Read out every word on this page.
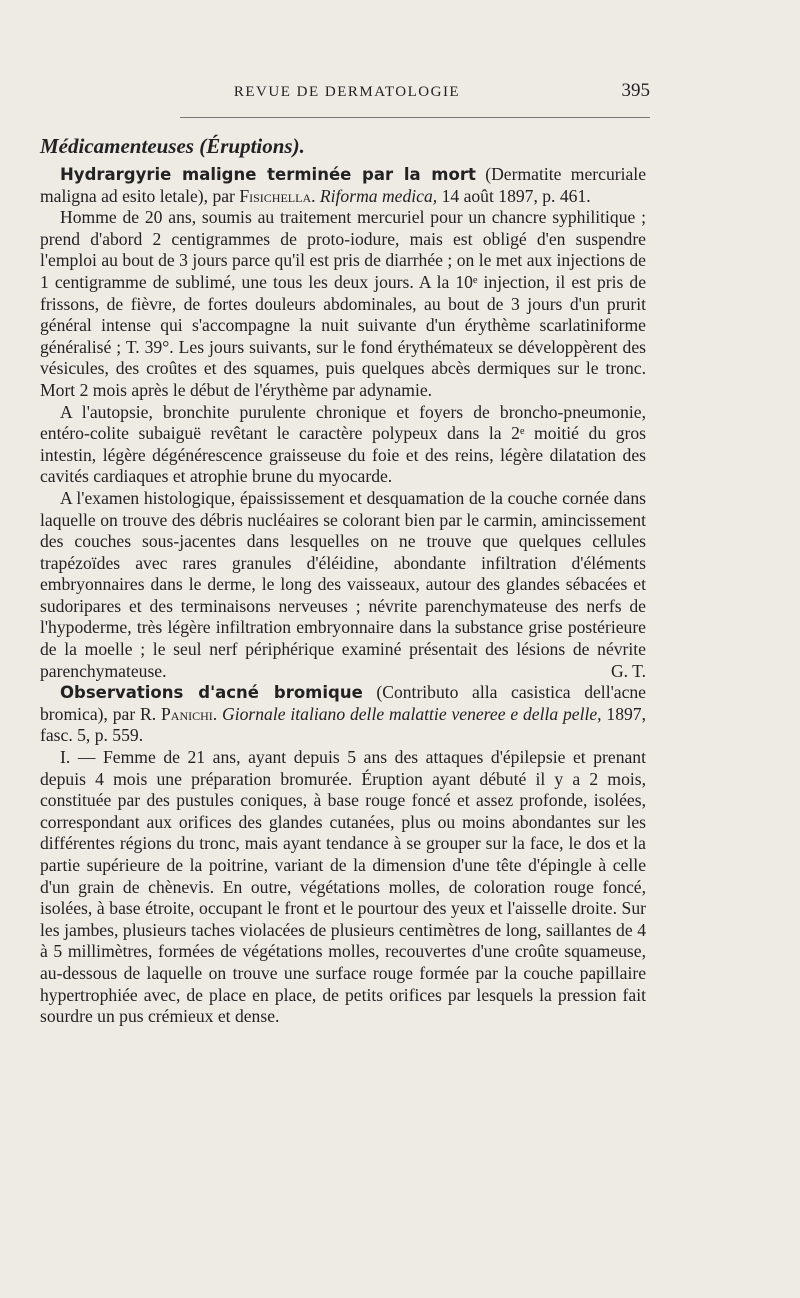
REVUE DE DERMATOLOGIE	395

Médicamenteuses (Éruptions).

Hydrargyrie maligne terminée par la mort (Dermatite mercuriale maligna ad esito letale), par Fisichella. Riforma medica, 14 août 1897, p. 461.

Homme de 20 ans, soumis au traitement mercuriel pour un chancre syphilitique ; prend d'abord 2 centigrammes de proto-iodure, mais est obligé d'en suspendre l'emploi au bout de 3 jours parce qu'il est pris de diarrhée ; on le met aux injections de 1 centigramme de sublimé, une tous les deux jours. A la 10ᵉ injection, il est pris de frissons, de fièvre, de fortes douleurs abdominales, au bout de 3 jours d'un prurit général intense qui s'accompagne la nuit suivante d'un érythème scarlatiniforme généralisé ; T. 39°. Les jours suivants, sur le fond érythémateux se développèrent des vésicules, des croûtes et des squames, puis quelques abcès dermiques sur le tronc. Mort 2 mois après le début de l'érythème par adynamie.

A l'autopsie, bronchite purulente chronique et foyers de broncho-pneumonie, entéro-colite subaiguë revêtant le caractère polypeux dans la 2ᵉ moitié du gros intestin, légère dégénérescence graisseuse du foie et des reins, légère dilatation des cavités cardiaques et atrophie brune du myocarde.

A l'examen histologique, épaississement et desquamation de la couche cornée dans laquelle on trouve des débris nucléaires se colorant bien par le carmin, amincissement des couches sous-jacentes dans lesquelles on ne trouve que quelques cellules trapézoïdes avec rares granules d'éléidine, abondante infiltration d'éléments embryonnaires dans le derme, le long des vaisseaux, autour des glandes sébacées et sudoripares et des terminaisons nerveuses ; névrite parenchymateuse des nerfs de l'hypoderme, très légère infiltration embryonnaire dans la substance grise postérieure de la moelle ; le seul nerf périphérique examiné présentait des lésions de névrite parenchymateuse.	G. T.

Observations d'acné bromique (Contributo alla casistica dell'acne bromica), par R. Panichi. Giornale italiano delle malattie veneree e della pelle, 1897, fasc. 5, p. 559.

I. — Femme de 21 ans, ayant depuis 5 ans des attaques d'épilepsie et prenant depuis 4 mois une préparation bromurée. Éruption ayant débuté il y a 2 mois, constituée par des pustules coniques, à base rouge foncé et assez profonde, isolées, correspondant aux orifices des glandes cutanées, plus ou moins abondantes sur les différentes régions du tronc, mais ayant tendance à se grouper sur la face, le dos et la partie supérieure de la poitrine, variant de la dimension d'une tête d'épingle à celle d'un grain de chènevis. En outre, végétations molles, de coloration rouge foncé, isolées, à base étroite, occupant le front et le pourtour des yeux et l'aisselle droite. Sur les jambes, plusieurs taches violacées de plusieurs centimètres de long, saillantes de 4 à 5 millimètres, formées de végétations molles, recouvertes d'une croûte squameuse, au-dessous de laquelle on trouve une surface rouge formée par la couche papillaire hypertrophiée avec, de place en place, de petits orifices par lesquels la pression fait sourdre un pus crémieux et dense.
